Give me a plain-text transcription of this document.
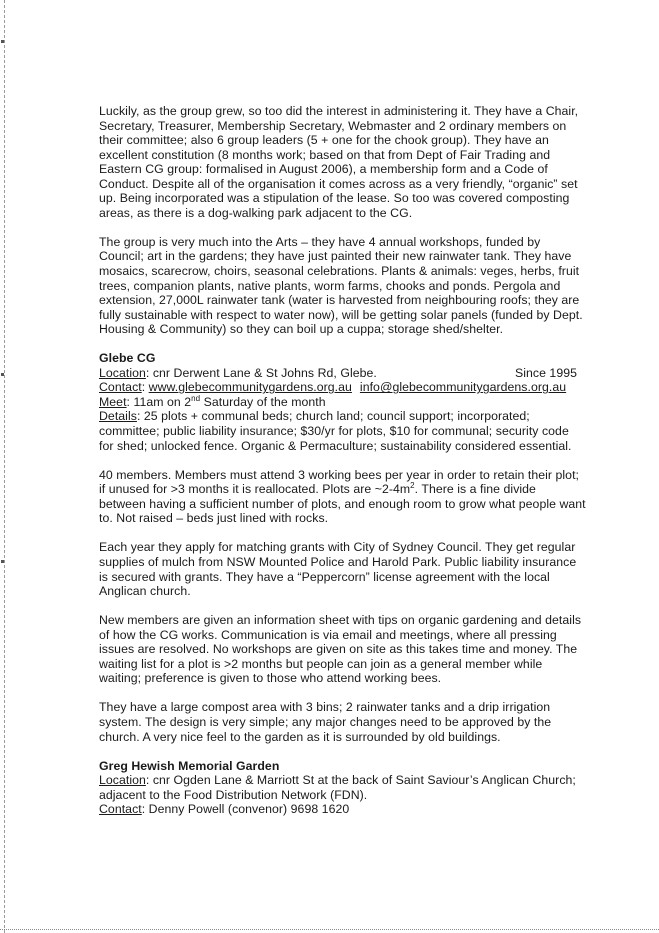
Luckily, as the group grew, so too did the interest in administering it. They have a Chair,
Secretary, Treasurer, Membership Secretary, Webmaster and 2 ordinary members on
their committee; also 6 group leaders (5 + one for the chook group). They have an
excellent constitution (8 months work; based on that from Dept of Fair Trading and
Eastern CG group: formalised in August 2006), a membership form and a Code of
Conduct. Despite all of the organisation it comes across as a very friendly, “organic” set
up. Being incorporated was a stipulation of the lease. So too was covered composting
areas, as there is a dog-walking park adjacent to the CG.

The group is very much into the Arts – they have 4 annual workshops, funded by
Council; art in the gardens; they have just painted their new rainwater tank. They have
mosaics, scarecrow, choirs, seasonal celebrations. Plants & animals: veges, herbs, fruit
trees, companion plants, native plants, worm farms, chooks and ponds. Pergola and
extension, 27,000L rainwater tank (water is harvested from neighbouring roofs; they are
fully sustainable with respect to water now), will be getting solar panels (funded by Dept.
Housing & Community) so they can boil up a cuppa; storage shed/shelter.

Glebe CG
Location: cnr Derwent Lane & St Johns Rd, Glebe.	Since 1995
Contact: www.glebecommunitygardens.org.au info@glebecommunitygardens.org.au
Meet: 11am on 2nd Saturday of the month

Details: 25 plots + communal beds; church land; council support; incorporated;
committee; public liability insurance; $30/yr for plots, $10 for communal; security code
for shed; unlocked fence. Organic & Permaculture; sustainability considered essential.

40 members. Members must attend 3 working bees per year in order to retain their plot;
if unused for >3 months it is reallocated. Plots are $\sim 2-4m^2$. There is a fine divide
between having a sufficient number of plots, and enough room to grow what people want
to. Not raised – beds just lined with rocks.

Each year they apply for matching grants with City of Sydney Council. They get regular
supplies of mulch from NSW Mounted Police and Harold Park. Public liability insurance
is secured with grants. They have a “Peppercorn” license agreement with the local
Anglican church.

New members are given an information sheet with tips on organic gardening and details
of how the CG works. Communication is via email and meetings, where all pressing
issues are resolved. No workshops are given on site as this takes time and money. The
waiting list for a plot is >2 months but people can join as a general member while
waiting; preference is given to those who attend working bees.

They have a large compost area with 3 bins; 2 rainwater tanks and a drip irrigation
system. The design is very simple; any major changes need to be approved by the
church. A very nice feel to the garden as it is surrounded by old buildings.

Greg Hewish Memorial Garden
Location: cnr Ogden Lane & Marriott St at the back of Saint Saviour’s Anglican Church;
adjacent to the Food Distribution Network (FDN).
Contact: Denny Powell (convenor) 9698 1620
